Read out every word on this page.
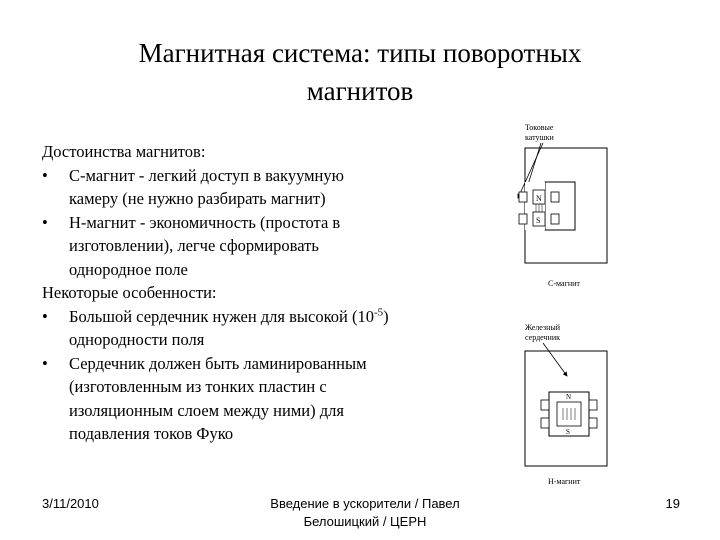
Магнитная система: типы поворотных
магнитов
Достоинства магнитов:
• С-магнит - легкий доступ в вакуумную
камеру (не нужно разбирать магнит)
• Н-магнит - экономичность (простота в
изготовлении), легче сформировать
однородное поле
Некоторые особенности:
• Большой сердечник нужен для высокой $(10^{-5})$
однородности поля
• Сердечник должен быть ламинированным
(изготовленным из тонких пластин с
изоляционным слоем между ними) для
подавления токов Фуко
Токовые
катушки
N
S
С-магнит
Железный
сердечник
N
S
Н-магнит
3/11/2010	Введение в ускорители / Павел
Белошицкий / ЦЕРН
19
